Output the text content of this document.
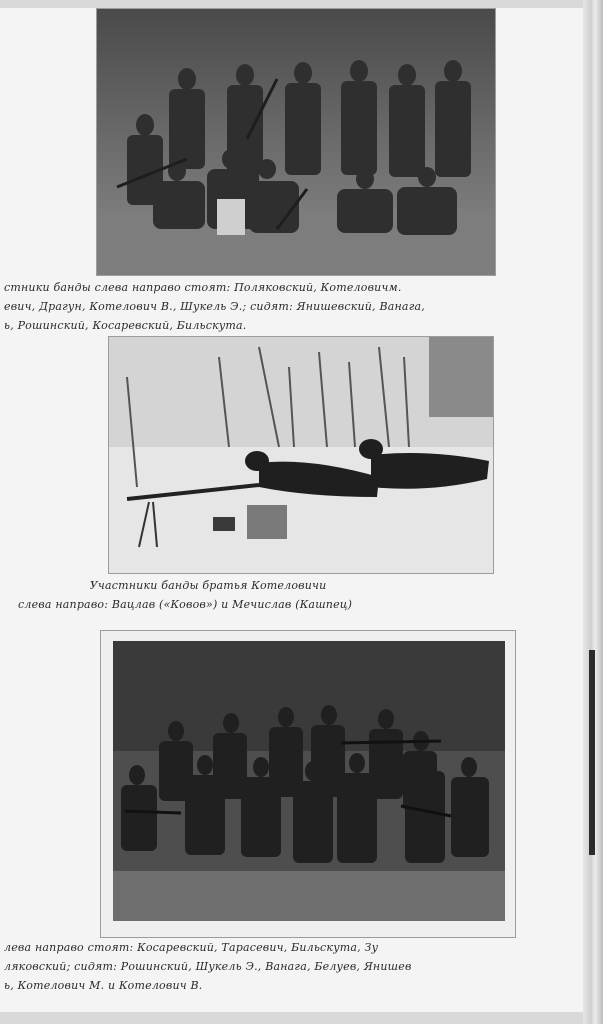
стники банды слева направо стоят: Поляковский, Котеловичм.
евич, Драгун, Котелович В., Шукель Э.; сидят: Янишевский, Ванага,
ь, Рошинский, Косаревский, Бильскута.

Участники банды братья Котеловичи
слева направо: Вацлав («Ковов») и Мечислав (Кашпец)

лева направо стоят: Косаревский, Тарасевич, Бильскута, Зу
ляковский; сидят: Рошинский, Шукель Э., Ванага, Белуев, Янишев
ь, Котелович М. и Котелович В.
